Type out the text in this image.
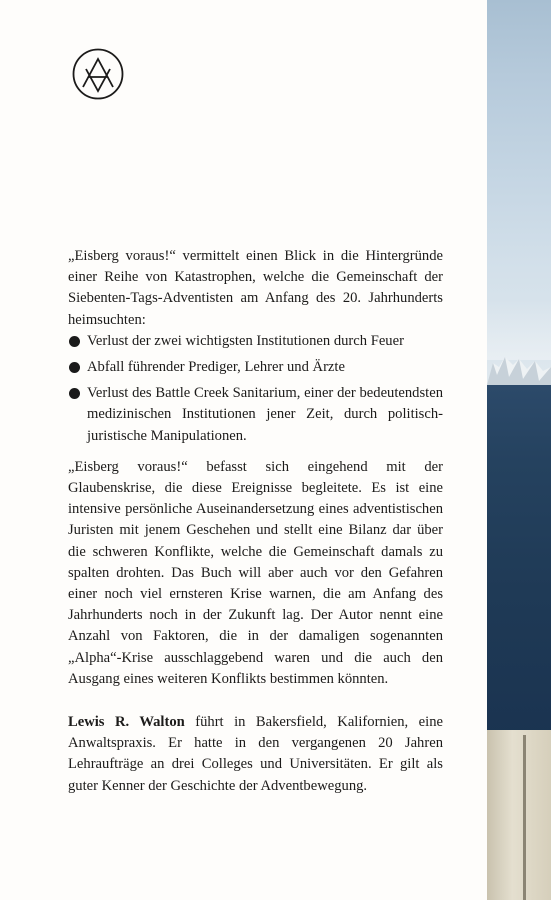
„Eisberg voraus!“ vermittelt einen Blick in die Hintergründe einer Reihe von Katastrophen, welche die Gemeinschaft der Siebenten-Tags-Adventisten am Anfang des 20. Jahrhunderts heimsuchten:

Verlust der zwei wichtigsten Institutionen durch Feuer
Abfall führender Prediger, Lehrer und Ärzte
Verlust des Battle Creek Sanitarium, einer der bedeutendsten medizinischen Institutionen jener Zeit, durch politisch-juristische Manipulationen.

„Eisberg voraus!“ befasst sich eingehend mit der Glaubenskrise, die diese Ereignisse begleitete. Es ist eine intensive persönliche Auseinandersetzung eines adventistischen Juristen mit jenem Geschehen und stellt eine Bilanz dar über die schweren Konflikte, welche die Gemeinschaft damals zu spalten drohten. Das Buch will aber auch vor den Gefahren einer noch viel ernsteren Krise warnen, die am Anfang des Jahrhunderts noch in der Zukunft lag. Der Autor nennt eine Anzahl von Faktoren, die in der damaligen sogenannten „Alpha“-Krise ausschlaggebend waren und die auch den Ausgang eines weiteren Konflikts bestimmen könnten.

Lewis R. Walton führt in Bakersfield, Kalifornien, eine Anwaltspraxis. Er hatte in den vergangenen 20 Jahren Lehraufträge an drei Colleges und Universitäten. Er gilt als guter Kenner der Geschichte der Adventbewegung.
